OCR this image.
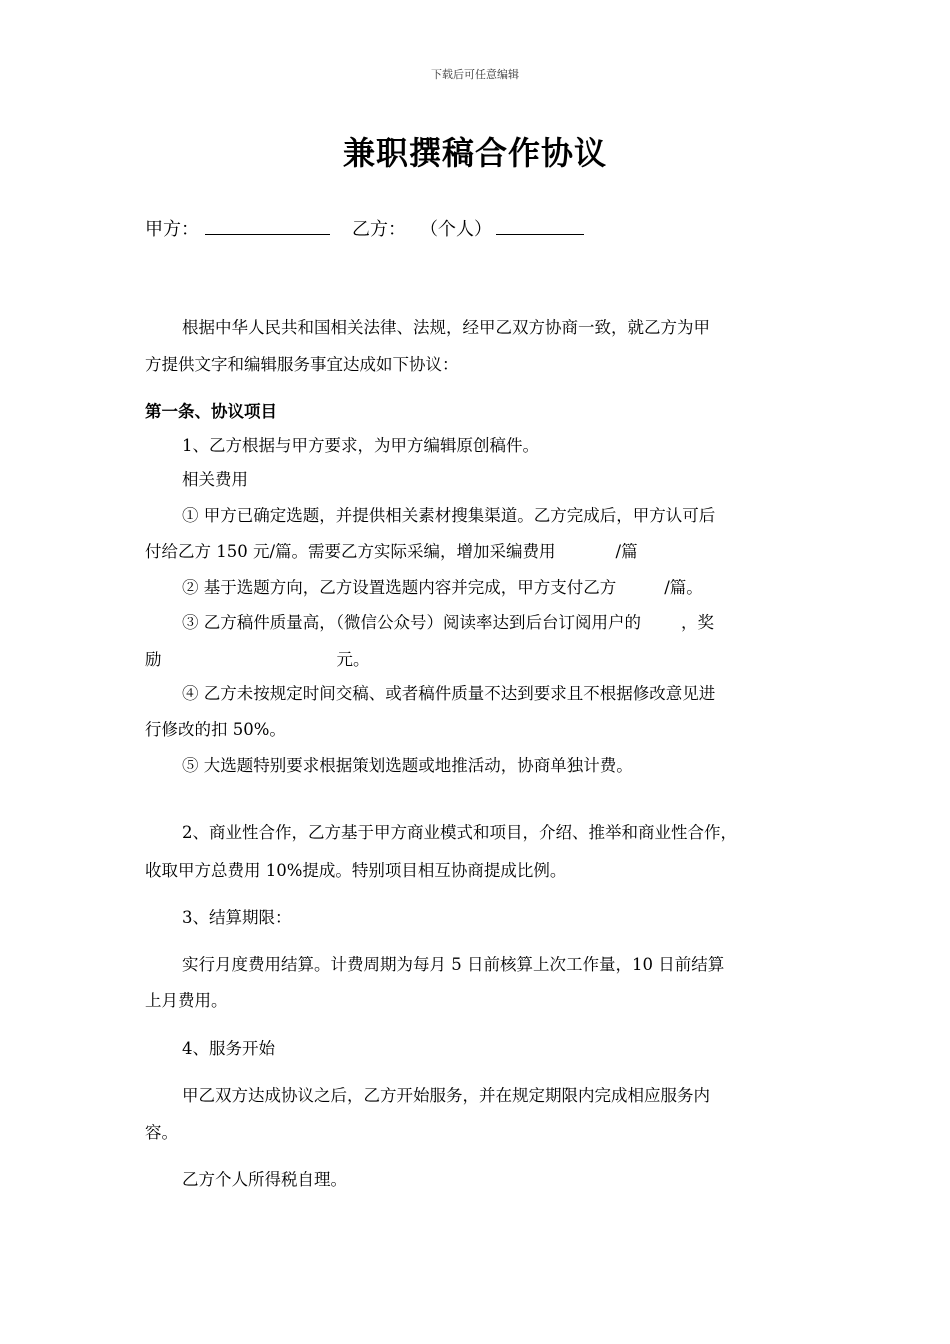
下载后可任意编辑
兼职撰稿合作协议
甲方：	乙方： （个人）
根据中华人民共和国相关法律、法规，经甲乙双方协商一致，就乙方为甲
方提供文字和编辑服务事宜达成如下协议：
第一条、协议项目
1、乙方根据与甲方要求，为甲方编辑原创稿件。
相关费用
① 甲方已确定选题，并提供相关素材搜集渠道。乙方完成后，甲方认可后
付给乙方 150 元/篇。需要乙方实际采编，增加采编费用	/篇
② 基于选题方向，乙方设置选题内容并完成，甲方支付乙方	/篇。
③ 乙方稿件质量高，（微信公众号）阅读率达到后台订阅用户的 ，奖
励	元。
④ 乙方未按规定时间交稿、或者稿件质量不达到要求且不根据修改意见进
行修改的扣 50%。
⑤ 大选题特别要求根据策划选题或地推活动，协商单独计费。
2、商业性合作，乙方基于甲方商业模式和项目，介绍、推举和商业性合作，
收取甲方总费用 10%提成。特别项目相互协商提成比例。
3、结算期限：
实行月度费用结算。计费周期为每月 5 日前核算上次工作量，10 日前结算
上月费用。
4、服务开始
甲乙双方达成协议之后，乙方开始服务，并在规定期限内完成相应服务内
容。
乙方个人所得税自理。
